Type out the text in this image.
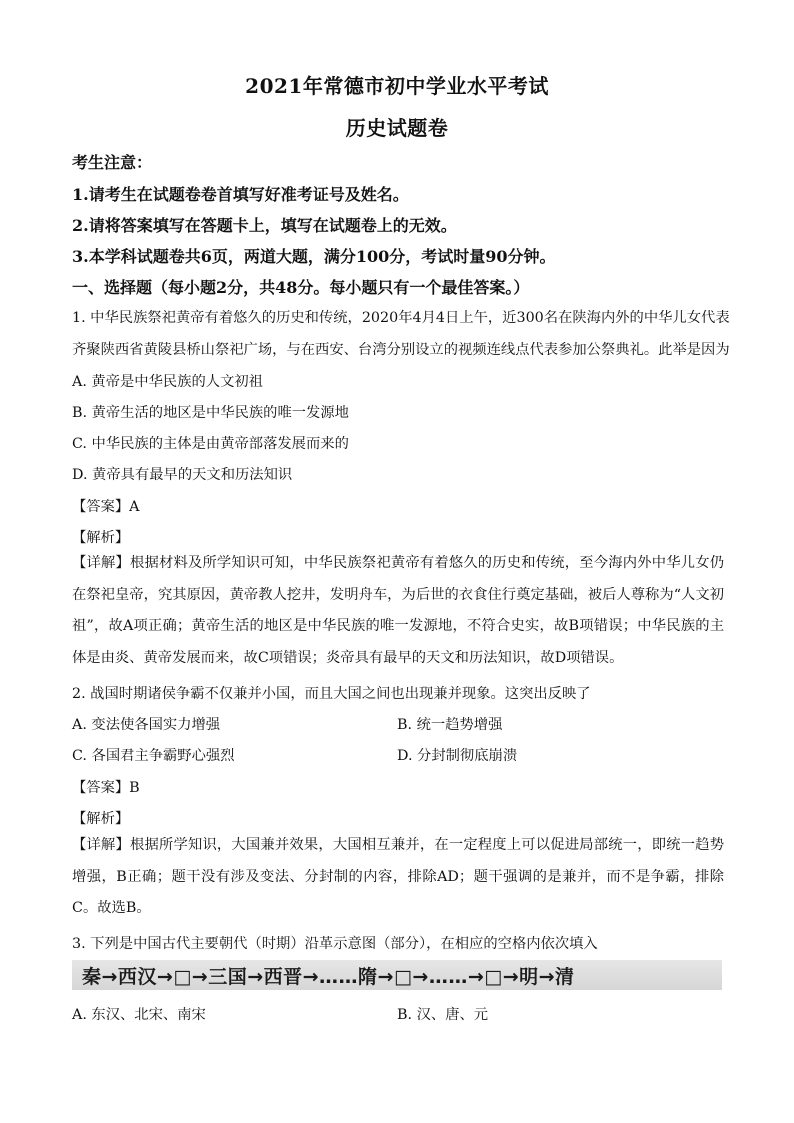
2021年常德市初中学业水平考试
历史试题卷
考生注意：
1.请考生在试题卷卷首填写好准考证号及姓名。
2.请将答案填写在答题卡上，填写在试题卷上的无效。
3.本学科试题卷共6页，两道大题，满分100分，考试时量90分钟。
一、选择题（每小题2分，共48分。每小题只有一个最佳答案。）
1. 中华民族祭祀黄帝有着悠久的历史和传统，2020年4月4日上午，近300名在陕海内外的中华儿女代表
齐聚陕西省黄陵县桥山祭祀广场，与在西安、台湾分别设立的视频连线点代表参加公祭典礼。此举是因为
A. 黄帝是中华民族的人文初祖
B. 黄帝生活的地区是中华民族的唯一发源地
C. 中华民族的主体是由黄帝部落发展而来的
D. 黄帝具有最早的天文和历法知识
【答案】A
【解析】
【详解】根据材料及所学知识可知，中华民族祭祀黄帝有着悠久的历史和传统，至今海内外中华儿女仍在祭祀皇帝，究其原因，黄帝教人挖井，发明舟车，为后世的衣食住行奠定基础，被后人尊称为“人文初祖”，故A项正确；黄帝生活的地区是中华民族的唯一发源地，不符合史实，故B项错误；中华民族的主体是由炎、黄帝发展而来，故C项错误；炎帝具有最早的天文和历法知识，故D项错误。
2. 战国时期诸侯争霸不仅兼并小国，而且大国之间也出现兼并现象。这突出反映了
A. 变法使各国实力增强	B. 统一趋势增强
C. 各国君主争霸野心强烈	D. 分封制彻底崩溃
【答案】B
【解析】
【详解】根据所学知识，大国兼并效果，大国相互兼并，在一定程度上可以促进局部统一，即统一趋势增强，B正确；题干没有涉及变法、分封制的内容，排除AD；题干强调的是兼并，而不是争霸，排除C。故选B。
3. 下列是中国古代主要朝代（时期）沿革示意图（部分），在相应的空格内依次填入
秦→西汉→□→三国→西晋→……隋→□→……→□→明→清
A. 东汉、北宋、南宋	B. 汉、唐、元
